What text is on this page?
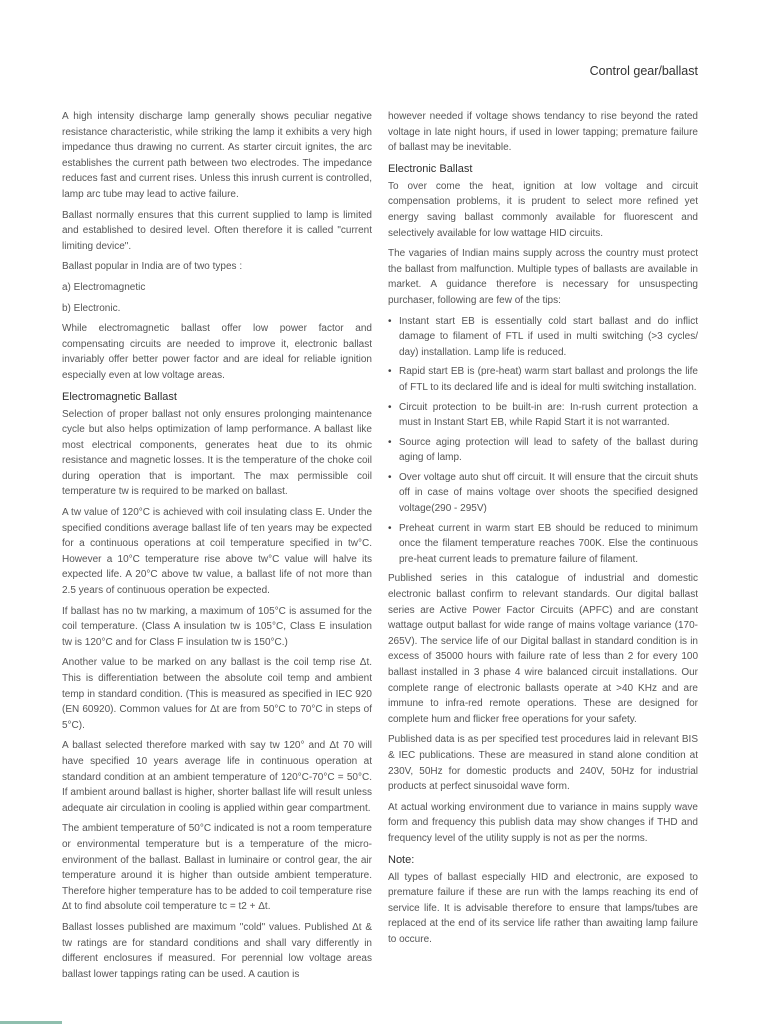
Control gear/ballast

A high intensity discharge lamp generally shows peculiar negative resistance characteristic, while striking the lamp it exhibits a very high impedance thus drawing no current. As starter circuit ignites, the arc establishes the current path between two electrodes. The impedance reduces fast and current rises. Unless this inrush current is controlled, lamp arc tube may lead to active failure.

Ballast normally ensures that this current supplied to lamp is limited and established to desired level. Often therefore it is called "current limiting device".

Ballast popular in India are of two types :

a) Electromagnetic

b) Electronic.

While electromagnetic ballast offer low power factor and compensating circuits are needed to improve it, electronic ballast invariably offer better power factor and are ideal for reliable ignition especially even at low voltage areas.

Electromagnetic Ballast

Selection of proper ballast not only ensures prolonging maintenance cycle but also helps optimization of lamp performance. A ballast like most electrical components, generates heat due to its ohmic resistance and magnetic losses. It is the temperature of the choke coil during operation that is important. The max permissible coil temperature tw is required to be marked on ballast.

A tw value of 120°C is achieved with coil insulating class E. Under the specified conditions average ballast life of ten years may be expected for a continuous operations at coil temperature specified in tw°C. However a 10°C temperature rise above tw°C value will halve its expected life. A 20°C above tw value, a ballast life of not more than 2.5 years of continuous operation be expected.

If ballast has no tw marking, a maximum of 105°C is assumed for the coil temperature. (Class A insulation tw is 105°C, Class E insulation tw is 120°C and for Class F insulation tw is 150°C.)

Another value to be marked on any ballast is the coil temp rise Δt. This is differentiation between the absolute coil temp and ambient temp in standard condition. (This is measured as specified in IEC 920 (EN 60920). Common values for Δt are from 50°C to 70°C in steps of 5°C).

A ballast selected therefore marked with say tw 120° and Δt 70 will have specified 10 years average life in continuous operation at standard condition at an ambient temperature of 120°C-70°C = 50°C. If ambient around ballast is higher, shorter ballast life will result unless adequate air circulation in cooling is applied within gear compartment.

The ambient temperature of 50°C indicated is not a room temperature or environmental temperature but is a temperature of the micro-environment of the ballast. Ballast in luminaire or control gear, the air temperature around it is higher than outside ambient temperature. Therefore higher temperature has to be added to coil temperature rise Δt to find absolute coil temperature tc = t2 + Δt.

Ballast losses published are maximum "cold" values. Published Δt & tw ratings are for standard conditions and shall vary differently in different enclosures if measured. For perennial low voltage areas ballast lower tappings rating can be used. A caution is

however needed if voltage shows tendancy to rise beyond the rated voltage in late night hours, if used in lower tapping; premature failure of ballast may be inevitable.

Electronic Ballast

To over come the heat, ignition at low voltage and circuit compensation problems, it is prudent to select more refined yet energy saving ballast commonly available for fluorescent and selectively available for low wattage HID circuits.

The vagaries of Indian mains supply across the country must protect the ballast from malfunction. Multiple types of ballasts are available in market. A guidance therefore is necessary for unsuspecting purchaser, following are few of the tips:

• Instant start EB is essentially cold start ballast and do inflict damage to filament of FTL if used in multi switching (>3 cycles/ day) installation. Lamp life is reduced.
• Rapid start EB is (pre-heat) warm start ballast and prolongs the life of FTL to its declared life and is ideal for multi switching installation.
• Circuit protection to be built-in are: In-rush current protection a must in Instant Start EB, while Rapid Start it is not warranted.
• Source aging protection will lead to safety of the ballast during aging of lamp.
• Over voltage auto shut off circuit. It will ensure that the circuit shuts off in case of mains voltage over shoots the specified designed voltage(290 - 295V)
• Preheat current in warm start EB should be reduced to minimum once the filament temperature reaches 700K. Else the continuous pre-heat current leads to premature failure of filament.

Published series in this catalogue of industrial and domestic electronic ballast confirm to relevant standards. Our digital ballast series are Active Power Factor Circuits (APFC) and are constant wattage output ballast for wide range of mains voltage variance (170-265V). The service life of our Digital ballast in standard condition is in excess of 35000 hours with failure rate of less than 2 for every 100 ballast installed in 3 phase 4 wire balanced circuit installations. Our complete range of electronic ballasts operate at >40 KHz and are immune to infra-red remote operations. These are designed for complete hum and flicker free operations for your safety.

Published data is as per specified test procedures laid in relevant BIS & IEC publications. These are measured in stand alone condition at 230V, 50Hz for domestic products and 240V, 50Hz for industrial products at perfect sinusoidal wave form.

At actual working environment due to variance in mains supply wave form and frequency this publish data may show changes if THD and frequency level of the utility supply is not as per the norms.

Note:

All types of ballast especially HID and electronic, are exposed to premature failure if these are run with the lamps reaching its end of service life. It is advisable therefore to ensure that lamps/tubes are replaced at the end of its service life rather than awaiting lamp failure to occure.
